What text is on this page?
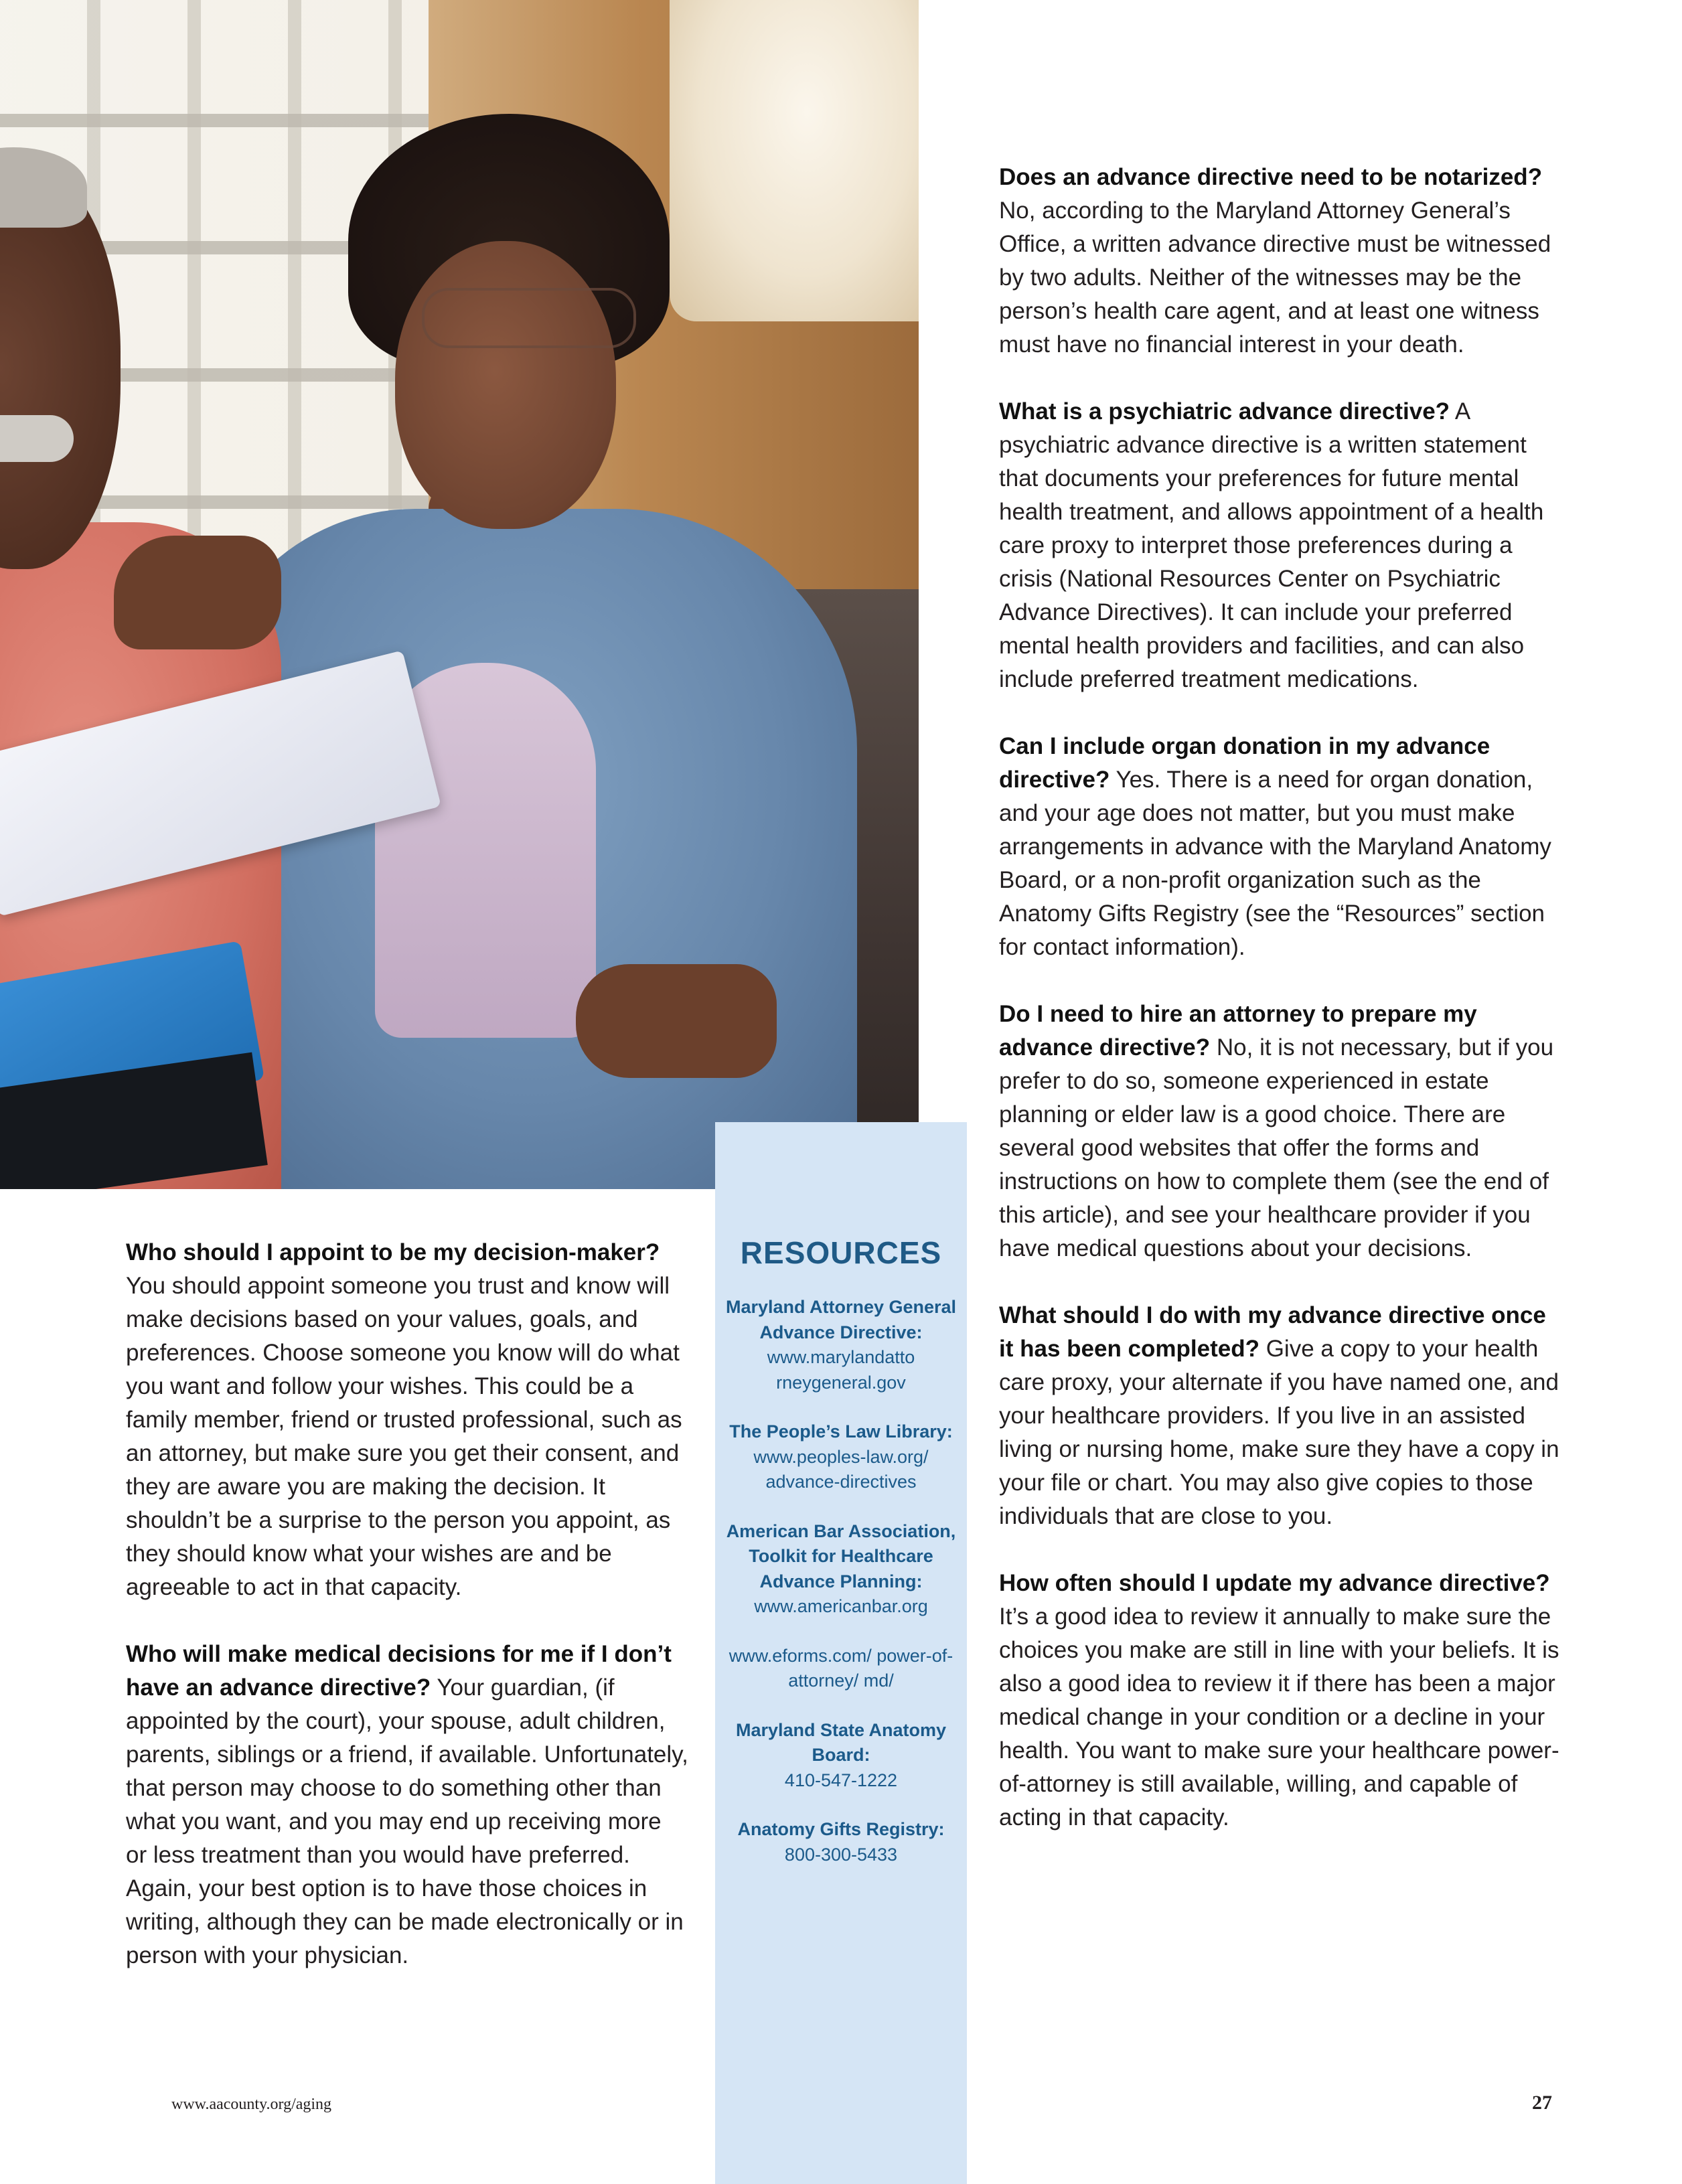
RESOURCES
Maryland Attorney General Advance Directive:
www.marylandatto rneygeneral.gov
The People’s Law Library:
www.peoples-law.org/ advance-directives
American Bar Association, Toolkit for Healthcare Advance Planning:
www.americanbar.org
www.eforms.com/ power-of-attorney/ md/
Maryland State Anatomy Board:
410-547-1222
Anatomy Gifts Registry:
800-300-5433

Who should I appoint to be my decision-maker? You should appoint someone you trust and know will make decisions based on your values, goals, and preferences. Choose someone you know will do what you want and follow your wishes. This could be a family member, friend or trusted professional, such as an attorney, but make sure you get their consent, and they are aware you are making the decision. It shouldn’t be a surprise to the person you appoint, as they should know what your wishes are and be agreeable to act in that capacity.

Who will make medical decisions for me if I don’t have an advance directive? Your guardian, (if appointed by the court), your spouse, adult children, parents, siblings or a friend, if available. Unfortunately, that person may choose to do something other than what you want, and you may end up receiving more or less treatment than you would have preferred. Again, your best option is to have those choices in writing, although they can be made electronically or in person with your physician.

Does an advance directive need to be notarized? No, according to the Maryland Attorney General’s Office, a written advance directive must be witnessed by two adults. Neither of the witnesses may be the person’s health care agent, and at least one witness must have no financial interest in your death.

What is a psychiatric advance directive? A psychiatric advance directive is a written statement that documents your preferences for future mental health treatment, and allows appointment of a health care proxy to interpret those preferences during a crisis (National Resources Center on Psychiatric Advance Directives). It can include your preferred mental health providers and facilities, and can also include preferred treatment medications.

Can I include organ donation in my advance directive? Yes. There is a need for organ donation, and your age does not matter, but you must make arrangements in advance with the Maryland Anatomy Board, or a non-profit organization such as the Anatomy Gifts Registry (see the “Resources” section for contact information).

Do I need to hire an attorney to prepare my advance directive? No, it is not necessary, but if you prefer to do so, someone experienced in estate planning or elder law is a good choice. There are several good websites that offer the forms and instructions on how to complete them (see the end of this article), and see your healthcare provider if you have medical questions about your decisions.

What should I do with my advance directive once it has been completed? Give a copy to your health care proxy, your alternate if you have named one, and your healthcare providers. If you live in an assisted living or nursing home, make sure they have a copy in your file or chart. You may also give copies to those individuals that are close to you.

How often should I update my advance directive? It’s a good idea to review it annually to make sure the choices you make are still in line with your beliefs. It is also a good idea to review it if there has been a major medical change in your condition or a decline in your health. You want to make sure your healthcare power-of-attorney is still available, willing, and capable of acting in that capacity.

www.aacounty.org/aging	27
